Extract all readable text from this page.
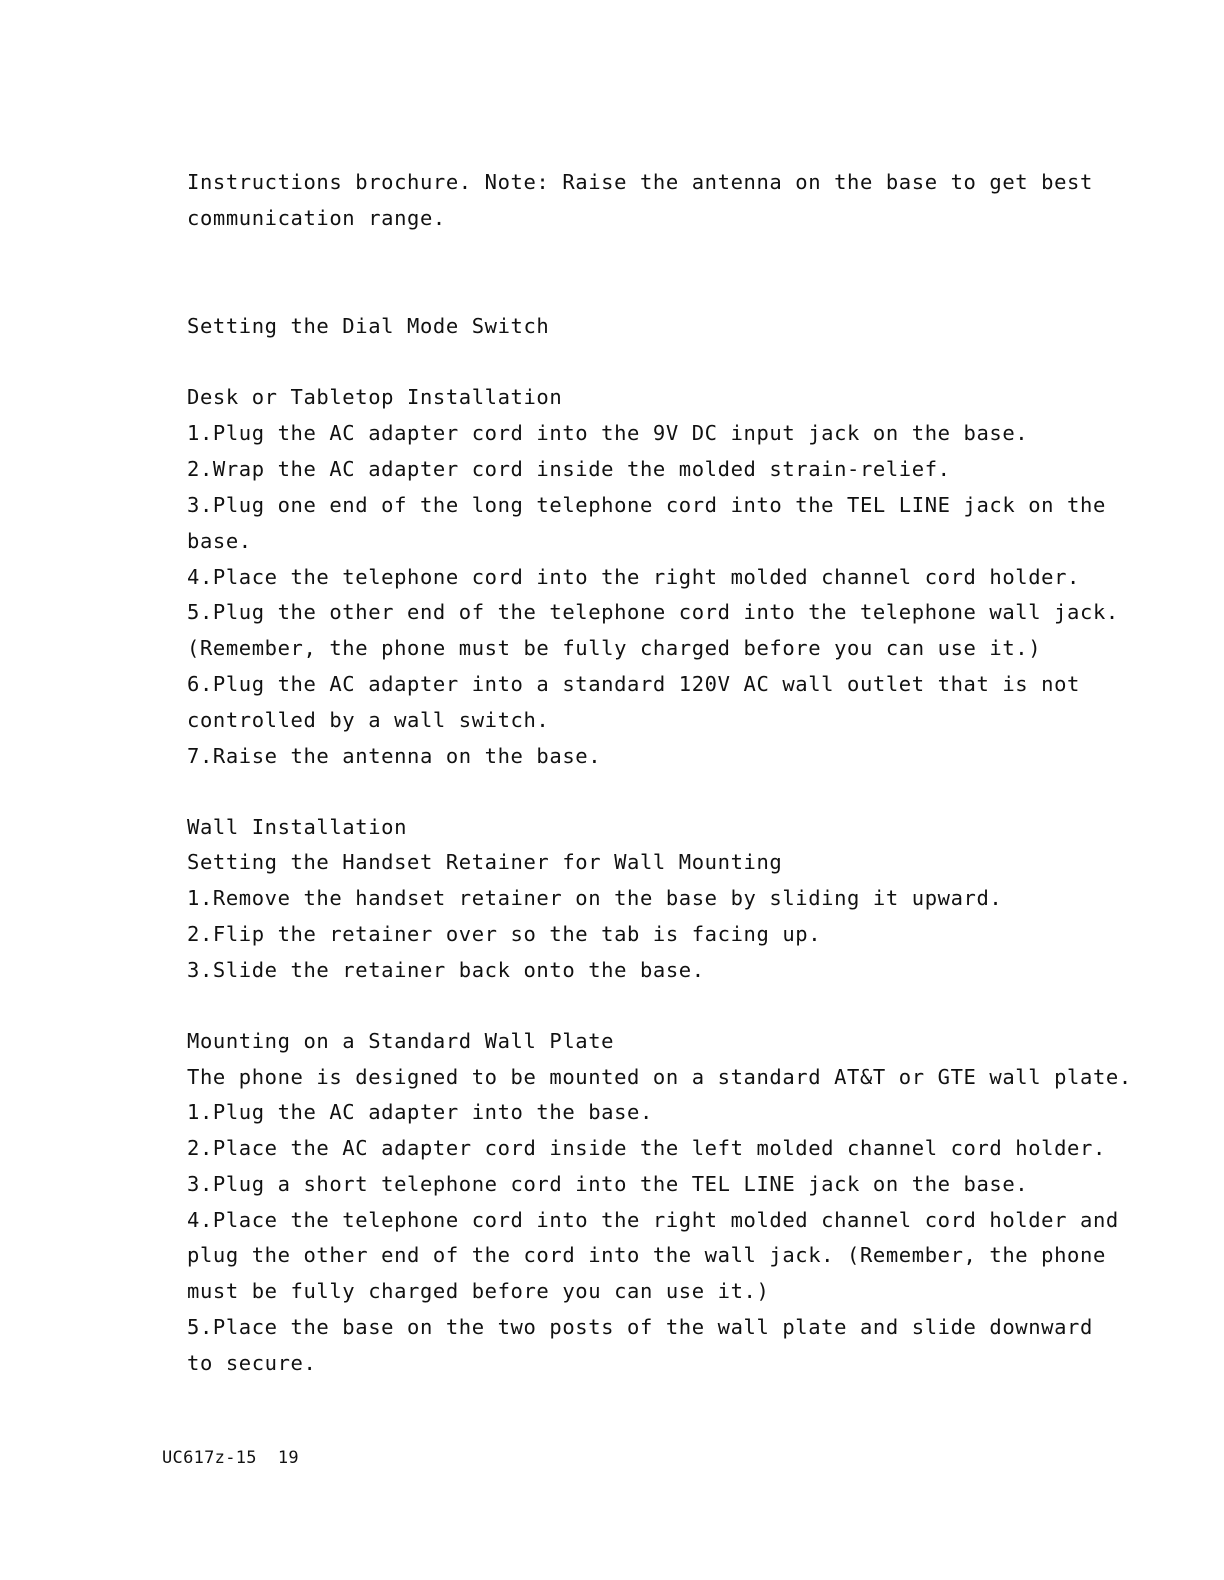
Instructions brochure. Note: Raise the antenna on the base to get best
communication range.
Setting the Dial Mode Switch
Desk or Tabletop Installation
1.Plug the AC adapter cord into the 9V DC input jack on the base.
2.Wrap the AC adapter cord inside the molded strain-relief.
3.Plug one end of the long telephone cord into the TEL LINE jack on the
base.
4.Place the telephone cord into the right molded channel cord holder.
5.Plug the other end of the telephone cord into the telephone wall jack.
(Remember, the phone must be fully charged before you can use it.)
6.Plug the AC adapter into a standard 120V AC wall outlet that is not
controlled by a wall switch.
7.Raise the antenna on the base.
Wall Installation
Setting the Handset Retainer for Wall Mounting
1.Remove the handset retainer on the base by sliding it upward.
2.Flip the retainer over so the tab is facing up.
3.Slide the retainer back onto the base.
Mounting on a Standard Wall Plate
The phone is designed to be mounted on a standard AT&T or GTE wall plate.
1.Plug the AC adapter into the base.
2.Place the AC adapter cord inside the left molded channel cord holder.
3.Plug a short telephone cord into the TEL LINE jack on the base.
4.Place the telephone cord into the right molded channel cord holder and
plug the other end of the cord into the wall jack. (Remember, the phone
must be fully charged before you can use it.)
5.Place the base on the two posts of the wall plate and slide downward
to secure.
UC617z-15  19
